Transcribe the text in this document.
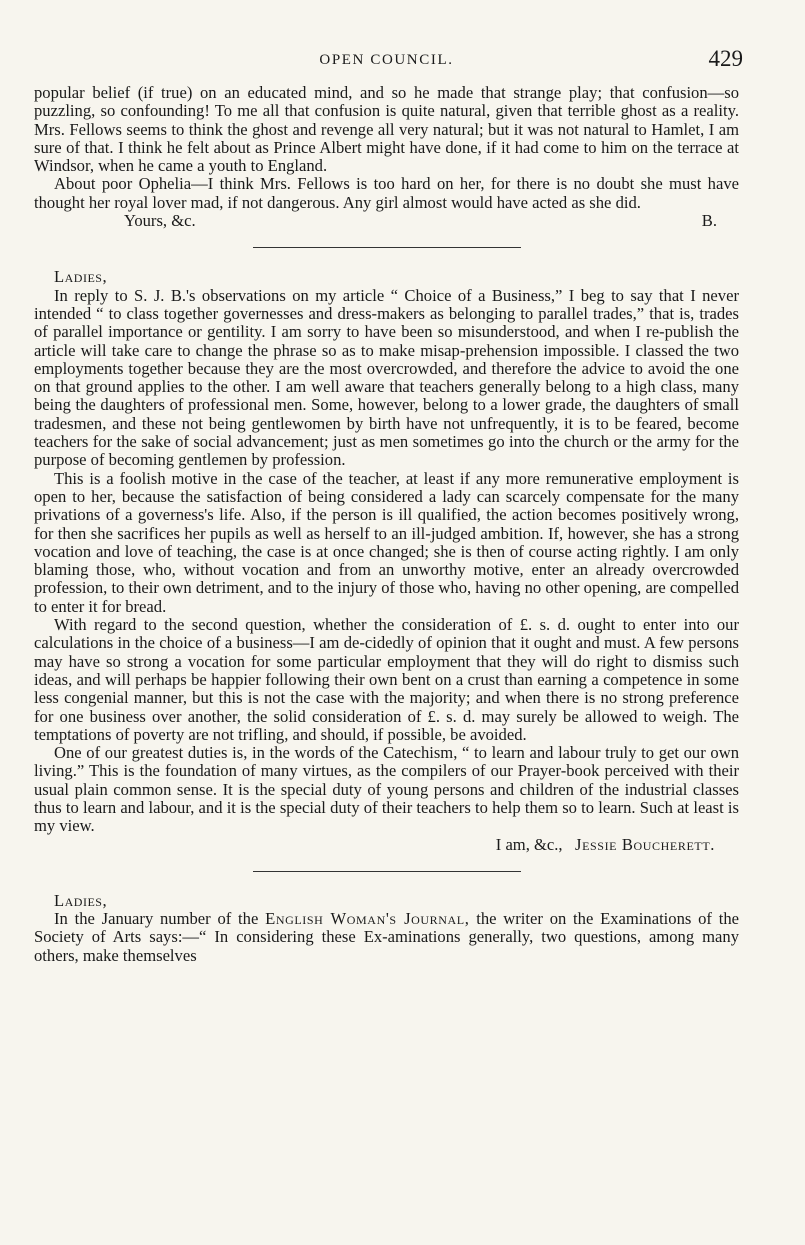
OPEN COUNCIL.	429

popular belief (if true) on an educated mind, and so he made that strange play; that confusion—so puzzling, so confounding! To me all that confusion is quite natural, given that terrible ghost as a reality. Mrs. Fellows seems to think the ghost and revenge all very natural; but it was not natural to Hamlet, I am sure of that. I think he felt about as Prince Albert might have done, if it had come to him on the terrace at Windsor, when he came a youth to England.

About poor Ophelia—I think Mrs. Fellows is too hard on her, for there is no doubt she must have thought her royal lover mad, if not dangerous. Any girl almost would have acted as she did.

Yours, &c.	B.

Ladies,

In reply to S. J. B.'s observations on my article “ Choice of a Business,” I beg to say that I never intended “ to class together governesses and dress-makers as belonging to parallel trades,” that is, trades of parallel importance or gentility. I am sorry to have been so misunderstood, and when I re-publish the article will take care to change the phrase so as to make misap-prehension impossible. I classed the two employments together because they are the most overcrowded, and therefore the advice to avoid the one on that ground applies to the other. I am well aware that teachers generally belong to a high class, many being the daughters of professional men. Some, however, belong to a lower grade, the daughters of small tradesmen, and these not being gentlewomen by birth have not unfrequently, it is to be feared, become teachers for the sake of social advancement; just as men sometimes go into the church or the army for the purpose of becoming gentlemen by profession.

This is a foolish motive in the case of the teacher, at least if any more remunerative employment is open to her, because the satisfaction of being considered a lady can scarcely compensate for the many privations of a governess's life. Also, if the person is ill qualified, the action becomes positively wrong, for then she sacrifices her pupils as well as herself to an ill-judged ambition. If, however, she has a strong vocation and love of teaching, the case is at once changed; she is then of course acting rightly. I am only blaming those, who, without vocation and from an unworthy motive, enter an already overcrowded profession, to their own detriment, and to the injury of those who, having no other opening, are compelled to enter it for bread.

With regard to the second question, whether the consideration of £. s. d. ought to enter into our calculations in the choice of a business—I am de-cidedly of opinion that it ought and must. A few persons may have so strong a vocation for some particular employment that they will do right to dismiss such ideas, and will perhaps be happier following their own bent on a crust than earning a competence in some less congenial manner, but this is not the case with the majority; and when there is no strong preference for one business over another, the solid consideration of £. s. d. may surely be allowed to weigh. The temptations of poverty are not trifling, and should, if possible, be avoided.

One of our greatest duties is, in the words of the Catechism, “ to learn and labour truly to get our own living.” This is the foundation of many virtues, as the compilers of our Prayer-book perceived with their usual plain common sense. It is the special duty of young persons and children of the industrial classes thus to learn and labour, and it is the special duty of their teachers to help them so to learn. Such at least is my view.

I am, &c., Jessie Boucherett.

Ladies,

In the January number of the English Woman's Journal, the writer on the Examinations of the Society of Arts says:—“ In considering these Ex-aminations generally, two questions, among many others, make themselves
